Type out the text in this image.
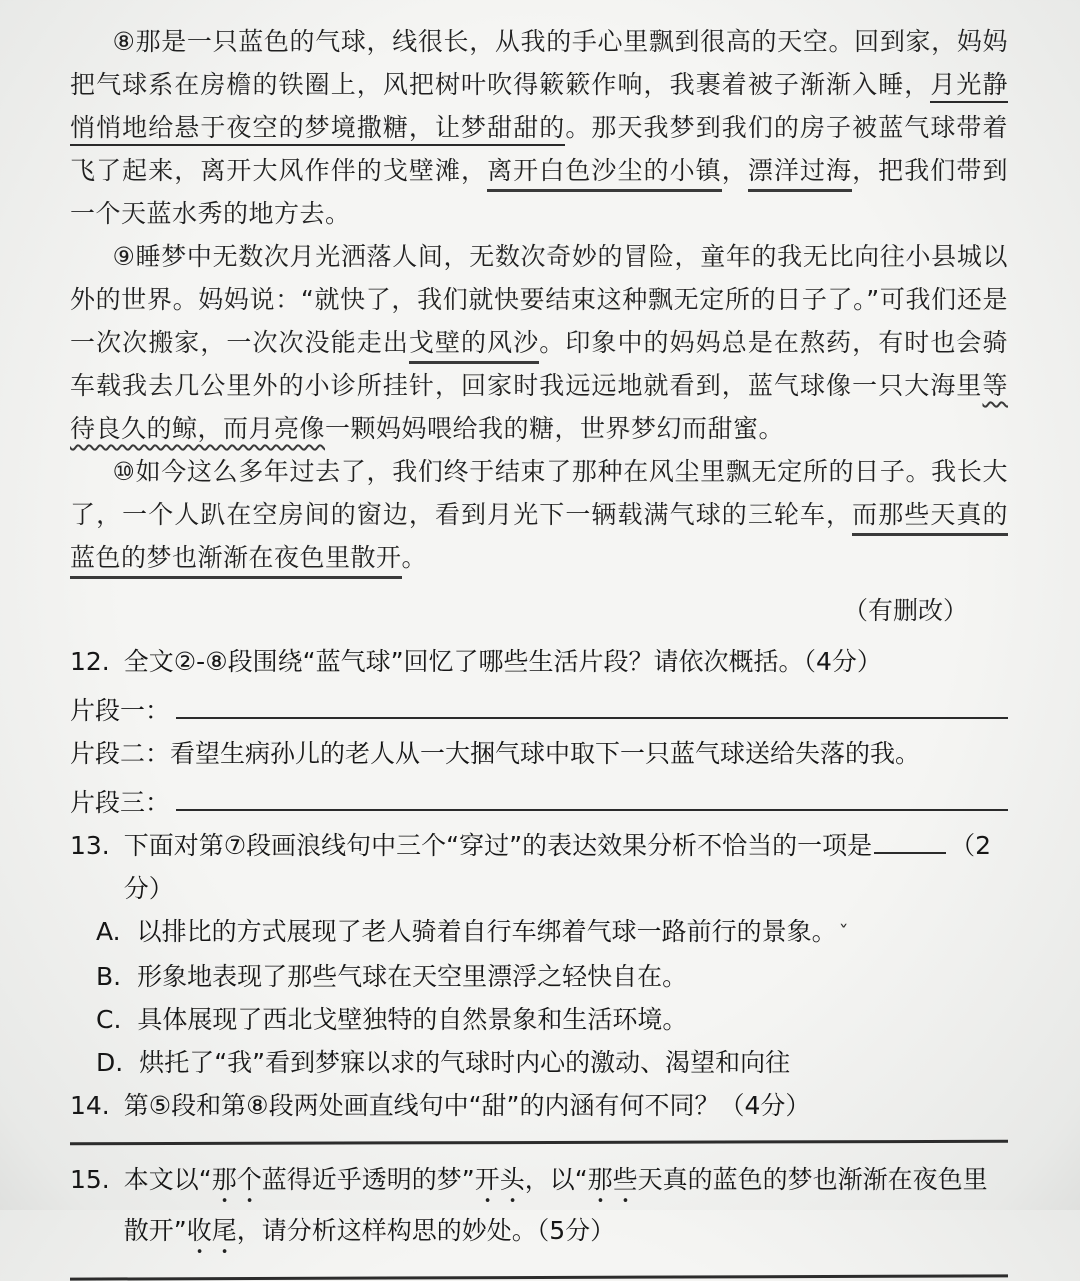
⑧那是一只蓝色的气球，线很长，从我的手心里飘到很高的天空。回到家，妈妈把气球系在房檐的铁圈上，风把树叶吹得簌簌作响，我裹着被子渐渐入睡，月光静悄悄地给悬于夜空的梦境撒糖，让梦甜甜的。那天我梦到我们的房子被蓝气球带着飞了起来，离开大风作伴的戈壁滩，离开白色沙尘的小镇，漂洋过海，把我们带到一个天蓝水秀的地方去。

⑨睡梦中无数次月光洒落人间，无数次奇妙的冒险，童年的我无比向往小县城以外的世界。妈妈说：“就快了，我们就快要结束这种飘无定所的日子了。”可我们还是一次次搬家，一次次没能走出戈壁的风沙。印象中的妈妈总是在熬药，有时也会骑车载我去几公里外的小诊所挂针，回家时我远远地就看到，蓝气球像一只大海里等待良久的鲸，而月亮像一颗妈妈喂给我的糖，世界梦幻而甜蜜。

⑩如今这么多年过去了，我们终于结束了那种在风尘里飘无定所的日子。我长大了，一个人趴在空房间的窗边，看到月光下一辆载满气球的三轮车，而那些天真的蓝色的梦也渐渐在夜色里散开。

（有删改）
12. 全文②-⑧段围绕“蓝气球”回忆了哪些生活片段？请依次概括。（4分）
片段一：
片段二： 看望生病孙儿的老人从一大捆气球中取下一只蓝气球送给失落的我。
片段三：
13. 下面对第⑦段画浪线句中三个“穿过”的表达效果分析不恰当的一项是	（2分）
A. 以排比的方式展现了老人骑着自行车绑着气球一路前行的景象。 ˇ
B. 形象地表现了那些气球在天空里漂浮之轻快自在。
C. 具体展现了西北戈壁独特的自然景象和生活环境。
D. 烘托了“我”看到梦寐以求的气球时内心的激动、渴望和向往
14. 第⑤段和第⑧段两处画直线句中“甜”的内涵有何不同？（4分）
15. 本文以“那个蓝得近乎透明的梦”开头，以“那些天真的蓝色的梦也渐渐在夜色里散开”收尾，请分析这样构思的妙处。（5分）
